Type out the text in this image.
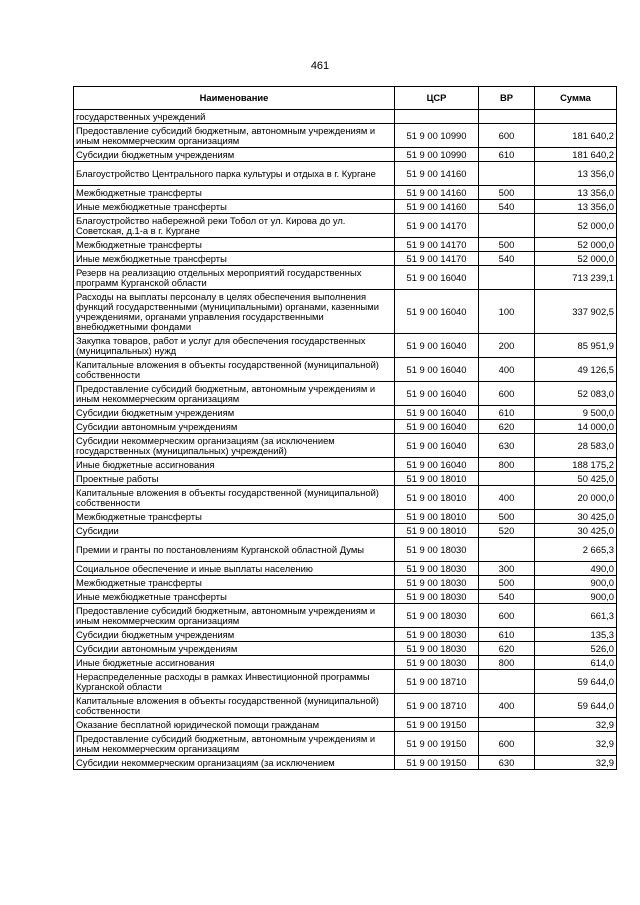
461
Наименование	ЦСР	ВР	Сумма
государственных учреждений			
Предоставление субсидий бюджетным, автономным учреждениям и иным некоммерческим организациям	51 9 00 10990	600	181 640,2
Субсидии бюджетным учреждениям	51 9 00 10990	610	181 640,2
Благоустройство Центрального парка культуры и отдыха в г. Кургане	51 9 00 14160		13 356,0
Межбюджетные трансферты	51 9 00 14160	500	13 356,0
Иные межбюджетные трансферты	51 9 00 14160	540	13 356,0
Благоустройство набережной реки Тобол от ул. Кирова до ул. Советская, д.1-а в г. Кургане	51 9 00 14170		52 000,0
Межбюджетные трансферты	51 9 00 14170	500	52 000,0
Иные межбюджетные трансферты	51 9 00 14170	540	52 000,0
Резерв на реализацию отдельных мероприятий государственных программ Курганской области	51 9 00 16040		713 239,1
Расходы на выплаты персоналу в целях обеспечения выполнения функций государственными (муниципальными) органами, казенными учреждениями, органами управления государственными внебюджетными фондами	51 9 00 16040	100	337 902,5
Закупка товаров, работ и услуг для обеспечения государственных (муниципальных) нужд	51 9 00 16040	200	85 951,9
Капитальные вложения в объекты государственной (муниципальной) собственности	51 9 00 16040	400	49 126,5
Предоставление субсидий бюджетным, автономным учреждениям и иным некоммерческим организациям	51 9 00 16040	600	52 083,0
Субсидии бюджетным учреждениям	51 9 00 16040	610	9 500,0
Субсидии автономным учреждениям	51 9 00 16040	620	14 000,0
Субсидии некоммерческим организациям (за исключением государственных (муниципальных) учреждений)	51 9 00 16040	630	28 583,0
Иные бюджетные ассигнования	51 9 00 16040	800	188 175,2
Проектные работы	51 9 00 18010		50 425,0
Капитальные вложения в объекты государственной (муниципальной) собственности	51 9 00 18010	400	20 000,0
Межбюджетные трансферты	51 9 00 18010	500	30 425,0
Субсидии	51 9 00 18010	520	30 425,0
Премии и гранты по постановлениям Курганской областной Думы	51 9 00 18030		2 665,3
Социальное обеспечение и иные выплаты населению	51 9 00 18030	300	490,0
Межбюджетные трансферты	51 9 00 18030	500	900,0
Иные межбюджетные трансферты	51 9 00 18030	540	900,0
Предоставление субсидий бюджетным, автономным учреждениям и иным некоммерческим организациям	51 9 00 18030	600	661,3
Субсидии бюджетным учреждениям	51 9 00 18030	610	135,3
Субсидии автономным учреждениям	51 9 00 18030	620	526,0
Иные бюджетные ассигнования	51 9 00 18030	800	614,0
Нераспределенные расходы в рамках Инвестиционной программы Курганской области	51 9 00 18710		59 644,0
Капитальные вложения в объекты государственной (муниципальной) собственности	51 9 00 18710	400	59 644,0
Оказание бесплатной юридической помощи гражданам	51 9 00 19150		32,9
Предоставление субсидий бюджетным, автономным учреждениям и иным некоммерческим организациям	51 9 00 19150	600	32,9
Субсидии некоммерческим организациям (за исключением	51 9 00 19150	630	32,9
